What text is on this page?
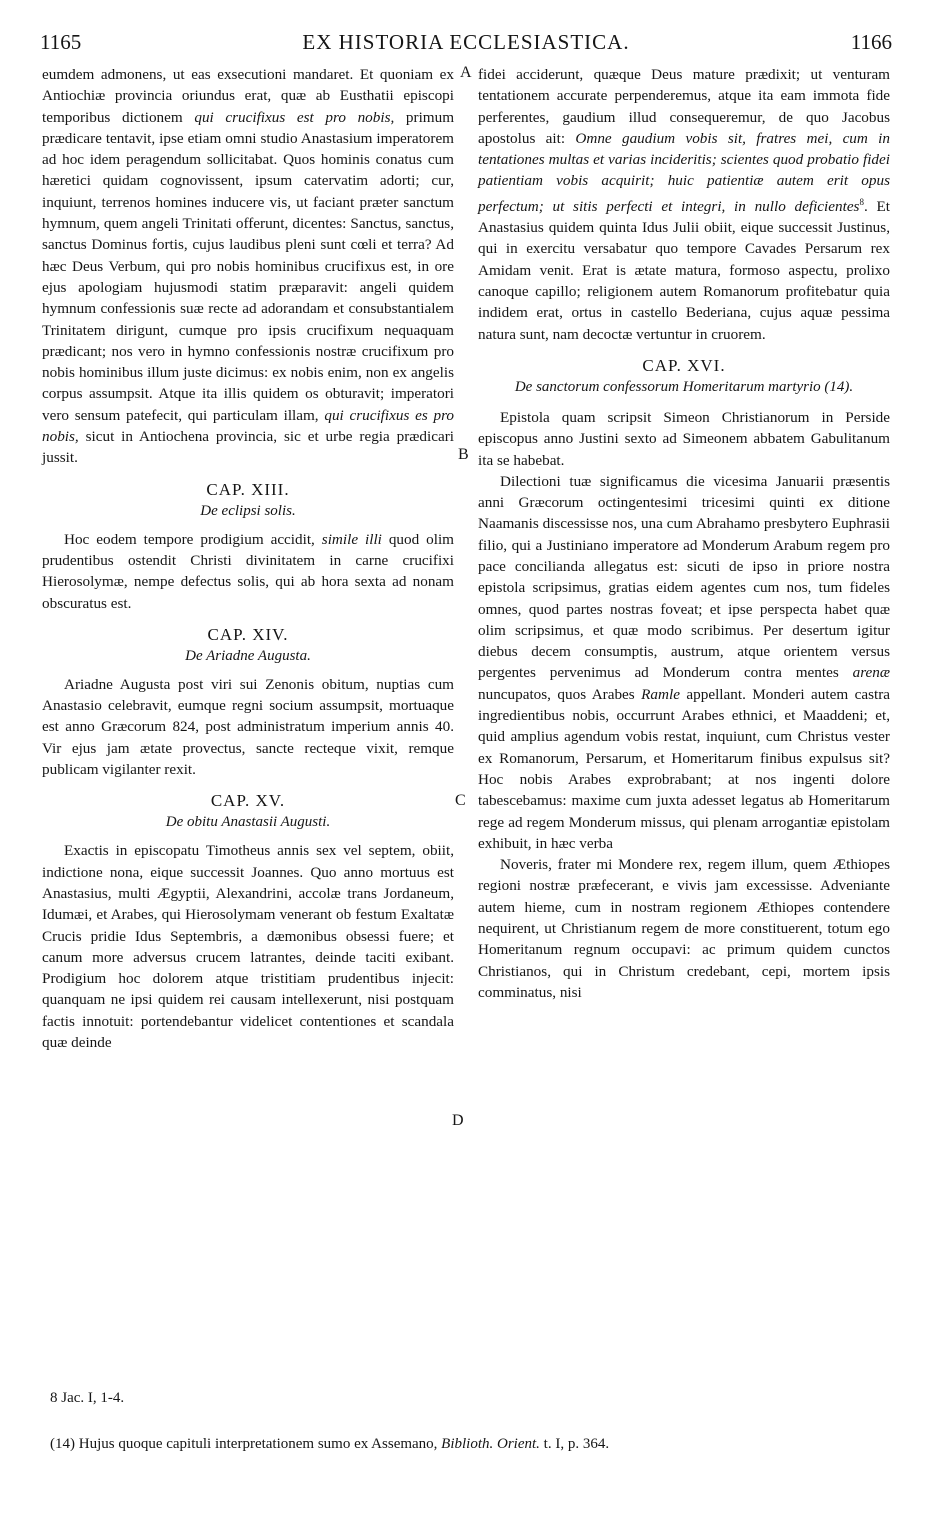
1165	EX HISTORIA ECCLESIASTICA.	1166

eumdem admonens, ut eas exsecutioni mandaret. Et quoniam ex Antiochiæ provincia oriundus erat, quæ ab Eusthatii episcopi temporibus dictionem qui crucifixus est pro nobis, primum prædicare tentavit, ipse etiam omni studio Anastasium imperatorem ad hoc idem peragendum sollicitabat. Quos hominis conatus cum hæretici quidam cognovissent, ipsum catervatim adorti; cur, inquiunt, terrenos homines inducere vis, ut faciant præter sanctum hymnum, quem angeli Trinitati offerunt, dicentes: Sanctus, sanctus, sanctus Dominus fortis, cujus laudibus pleni sunt cœli et terra? Ad hæc Deus Verbum, qui pro nobis hominibus crucifixus est, in ore ejus apologiam hujusmodi statim præparavit: angeli quidem hymnum confessionis suæ recte ad adorandam et consubstantialem Trinitatem dirigunt, cumque pro ipsis crucifixum nequaquam prædicant; nos vero in hymno confessionis nostræ crucifixum pro nobis hominibus illum juste dicimus: ex nobis enim, non ex angelis corpus assumpsit. Atque ita illis quidem os obturavit; imperatori vero sensum patefecit, qui particulam illam, qui crucifixus es pro nobis, sicut in Antiochena provincia, sic et urbe regia prædicari jussit.

CAP. XIII.
De eclipsi solis.

Hoc eodem tempore prodigium accidit, simile illi quod olim prudentibus ostendit Christi divinitatem in carne crucifixi Hierosolymæ, nempe defectus solis, qui ab hora sexta ad nonam obscuratus est.

CAP. XIV.
De Ariadne Augusta.

Ariadne Augusta post viri sui Zenonis obitum, nuptias cum Anastasio celebravit, eumque regni socium assumpsit, mortuaque est anno Græcorum 824, post administratum imperium annis 40. Vir ejus jam ætate provectus, sancte recteque vixit, remque publicam vigilanter rexit.

CAP. XV.
De obitu Anastasii Augusti.

Exactis in episcopatu Timotheus annis sex vel septem, obiit, indictione nona, eique successit Joannes. Quo anno mortuus est Anastasius, multi Ægyptii, Alexandrini, accolæ trans Jordaneum, Idumæi, et Arabes, qui Hierosolymam venerant ob festum Exaltatæ Crucis pridie Idus Septembris, a dæmonibus obsessi fuere; et canum more adversus crucem latrantes, deinde taciti exibant. Prodigium hoc dolorem atque tristitiam prudentibus injecit: quanquam ne ipsi quidem rei causam intellexerunt, nisi postquam factis innotuit: portendebantur videlicet contentiones et scandala quæ deinde

fidei acciderunt, quæque Deus mature prædixit; ut venturam tentationem accurate perpenderemus, atque ita eam immota fide perferentes, gaudium illud consequeremur, de quo Jacobus apostolus ait: Omne gaudium vobis sit, fratres mei, cum in tentationes multas et varias incideritis; scientes quod probatio fidei patientiam vobis acquirit; huic patientiæ autem erit opus perfectum; ut sitis perfecti et integri, in nullo deficientes$^8$. Et Anastasius quidem quinta Idus Julii obiit, eique successit Justinus, qui in exercitu versabatur quo tempore Cavades Persarum rex Amidam venit. Erat is ætate matura, formoso aspectu, prolixo canoque capillo; religionem autem Romanorum profitebatur quia indidem erat, ortus in castello Bederiana, cujus aquæ pessima natura sunt, nam decoctæ vertuntur in cruorem.

CAP. XVI.
De sanctorum confessorum Homeritarum martyrio (14).

Epistola quam scripsit Simeon Christianorum in Perside episcopus anno Justini sexto ad Simeonem abbatem Gabulitanum ita se habebat.

Dilectioni tuæ significamus die vicesima Januarii præsentis anni Græcorum octingentesimi tricesimi quinti ex ditione Naamanis discessisse nos, una cum Abrahamo presbytero Euphrasii filio, qui a Justiniano imperatore ad Monderum Arabum regem pro pace concilianda allegatus est: sicuti de ipso in priore nostra epistola scripsimus, gratias eidem agentes cum nos, tum fideles omnes, quod partes nostras foveat; et ipse perspecta habet quæ olim scripsimus, et quæ modo scribimus. Per desertum igitur diebus decem consumptis, austrum, atque orientem versus pergentes pervenimus ad Monderum contra mentes arenæ nuncupatos, quos Arabes Ramle appellant. Monderi autem castra ingredientibus nobis, occurrunt Arabes ethnici, et Maaddeni; et, quid amplius agendum vobis restat, inquiunt, cum Christus vester ex Romanorum, Persarum, et Homeritarum finibus expulsus sit? Hoc nobis Arabes exprobrabant; at nos ingenti dolore tabescebamus: maxime cum juxta adesset legatus ab Homeritarum rege ad regem Monderum missus, qui plenam arrogantiæ epistolam exhibuit, in hæc verba

Noveris, frater mi Mondere rex, regem illum, quem Æthiopes regioni nostræ præfecerant, e vivis jam excessisse. Adveniante autem hieme, cum in nostram regionem Æthiopes contendere nequirent, ut Christianum regem de more constituerent, totum ego Homeritanum regnum occupavi: ac primum quidem cunctos Christianos, qui in Christum credebant, cepi, mortem ipsis comminatus, nisi

A
B
C
D
8 Jac. I, 1-4.
(14) Hujus quoque capituli interpretationem sumo ex Assemano, Biblioth. Orient. t. I, p. 364.
